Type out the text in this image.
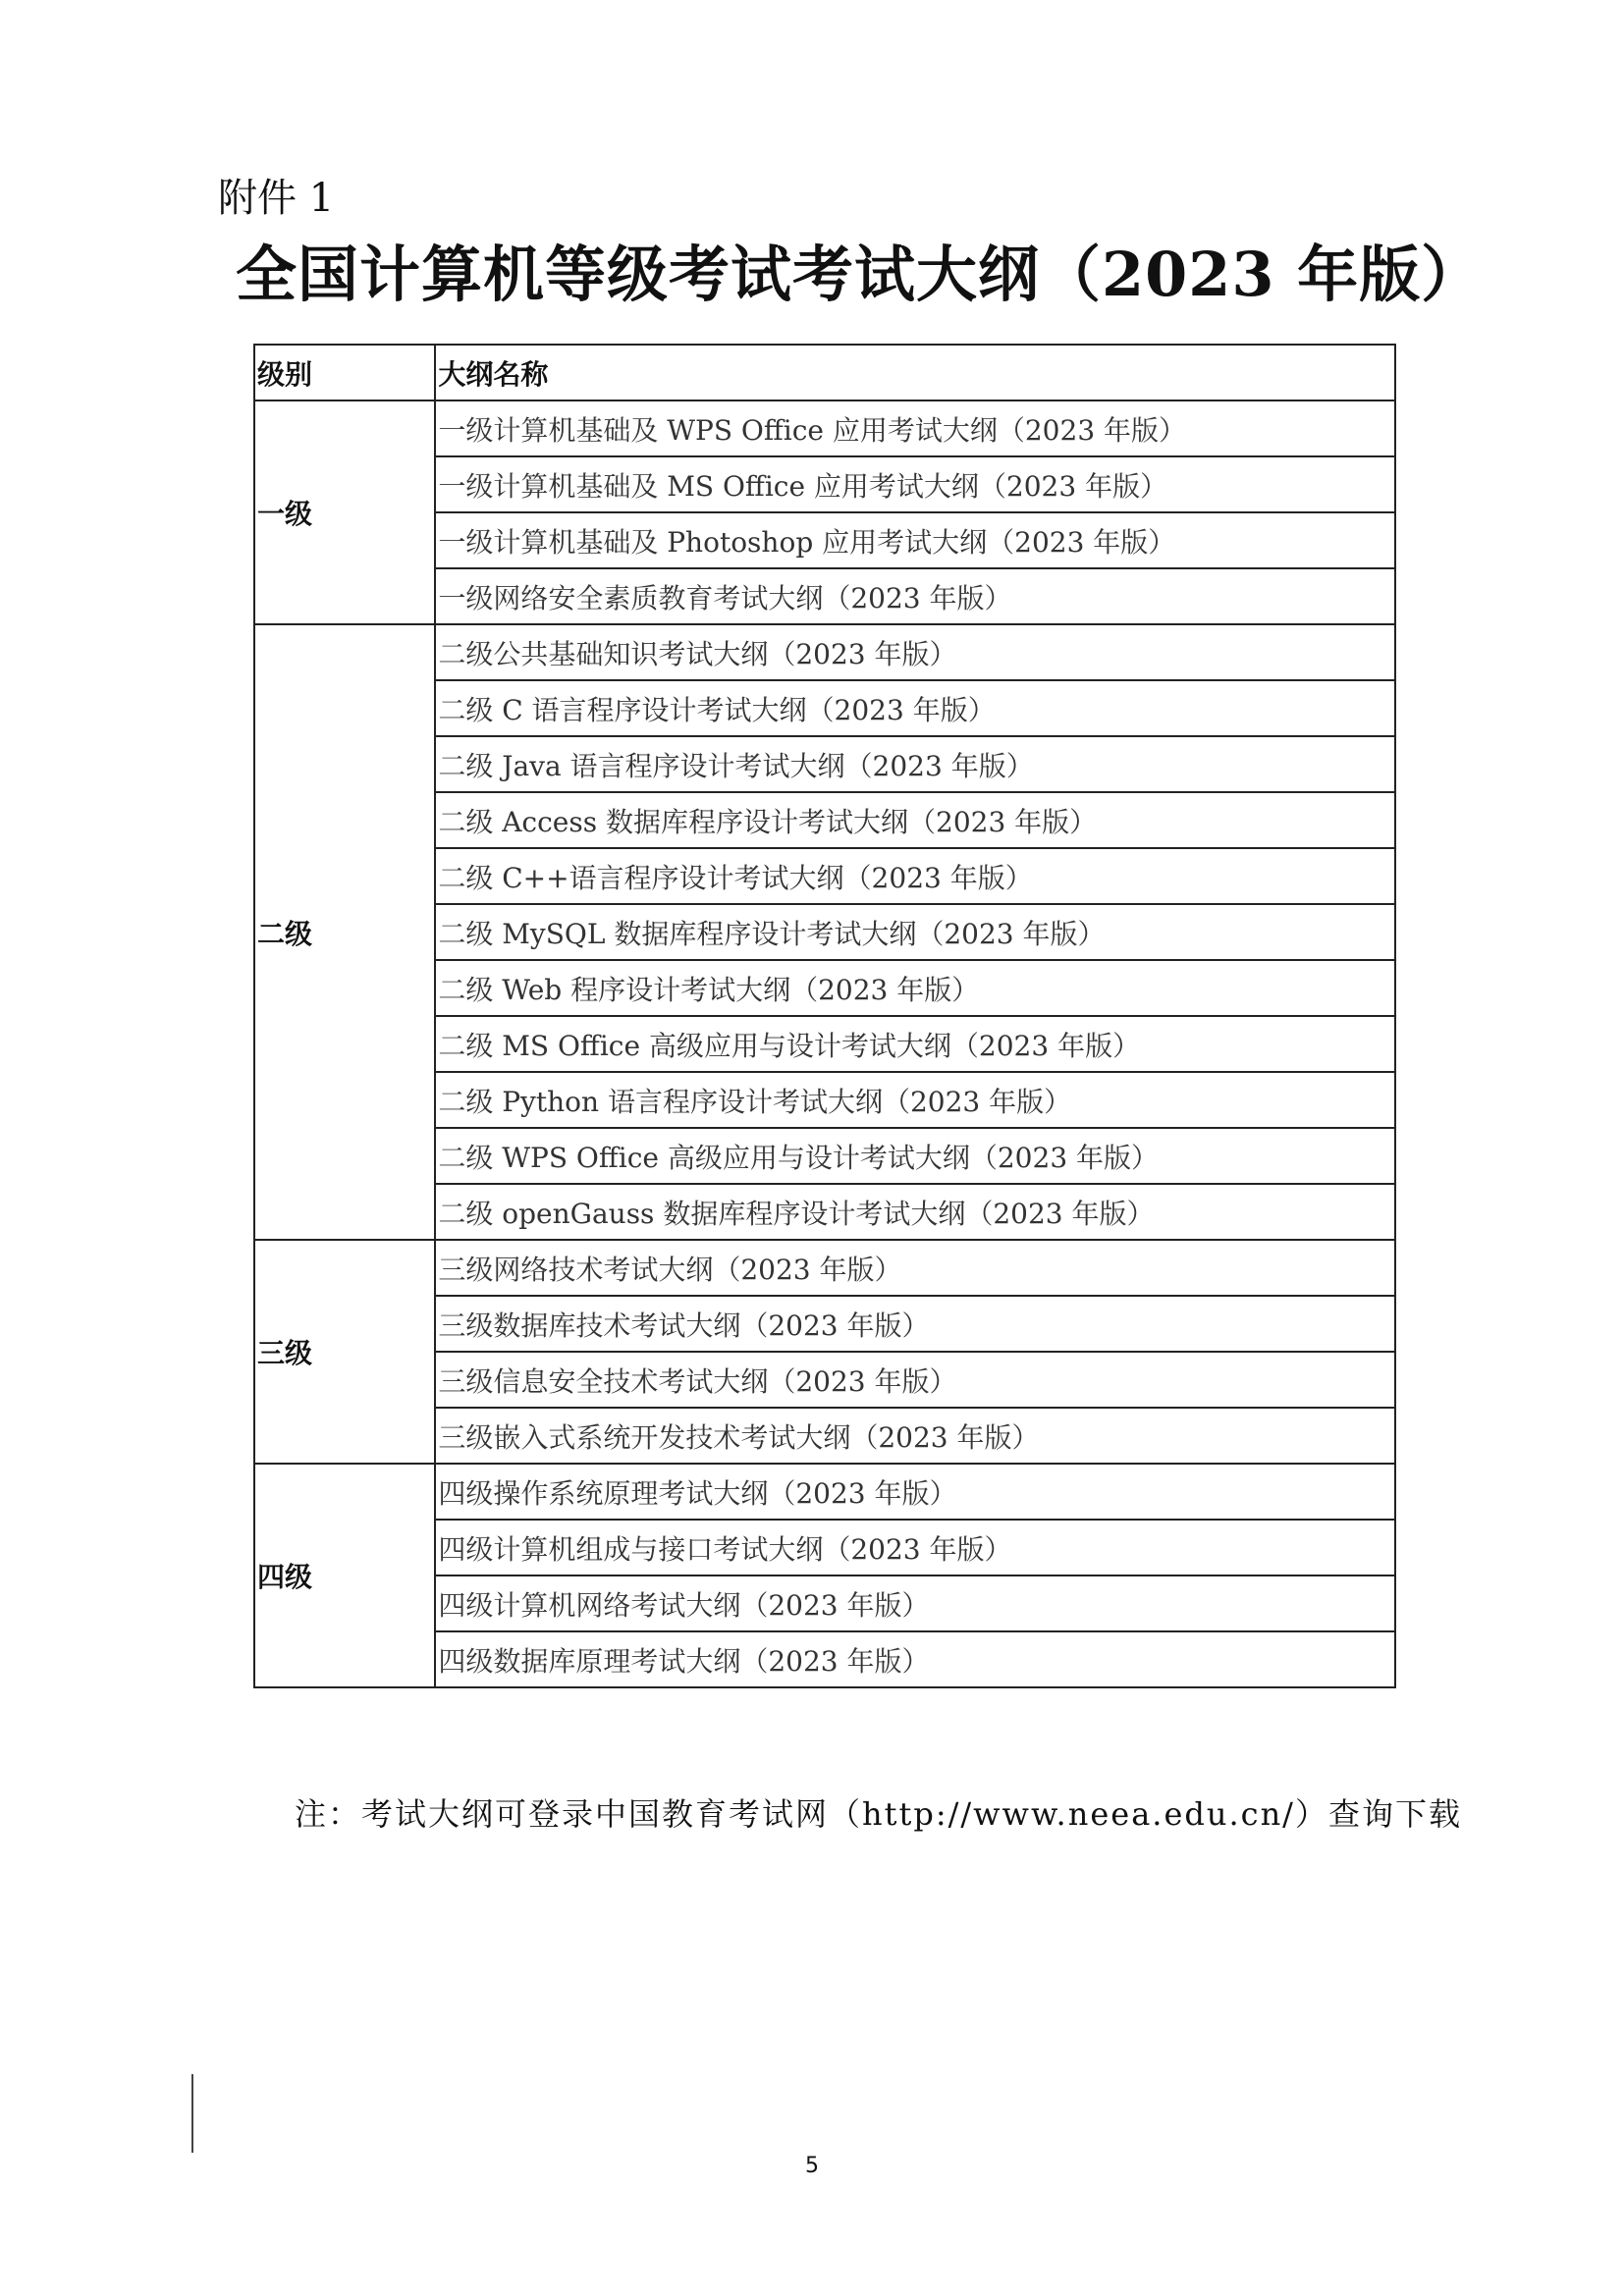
附件 1
全国计算机等级考试考试大纲（2023 年版）
级别	大纲名称
一级	一级计算机基础及 WPS Office 应用考试大纲（2023 年版）
	一级计算机基础及 MS Office 应用考试大纲（2023 年版）
	一级计算机基础及 Photoshop 应用考试大纲（2023 年版）
	一级网络安全素质教育考试大纲（2023 年版）
二级	二级公共基础知识考试大纲（2023 年版）
	二级 C 语言程序设计考试大纲（2023 年版）
	二级 Java 语言程序设计考试大纲（2023 年版）
	二级 Access 数据库程序设计考试大纲（2023 年版）
	二级 C++语言程序设计考试大纲（2023 年版）
	二级 MySQL 数据库程序设计考试大纲（2023 年版）
	二级 Web 程序设计考试大纲（2023 年版）
	二级 MS Office 高级应用与设计考试大纲（2023 年版）
	二级 Python 语言程序设计考试大纲（2023 年版）
	二级 WPS Office 高级应用与设计考试大纲（2023 年版）
	二级 openGauss 数据库程序设计考试大纲（2023 年版）
三级	三级网络技术考试大纲（2023 年版）
	三级数据库技术考试大纲（2023 年版）
	三级信息安全技术考试大纲（2023 年版）
	三级嵌入式系统开发技术考试大纲（2023 年版）
四级	四级操作系统原理考试大纲（2023 年版）
	四级计算机组成与接口考试大纲（2023 年版）
	四级计算机网络考试大纲（2023 年版）
	四级数据库原理考试大纲（2023 年版）
注：考试大纲可登录中国教育考试网（http://www.neea.edu.cn/）查询下载
5
